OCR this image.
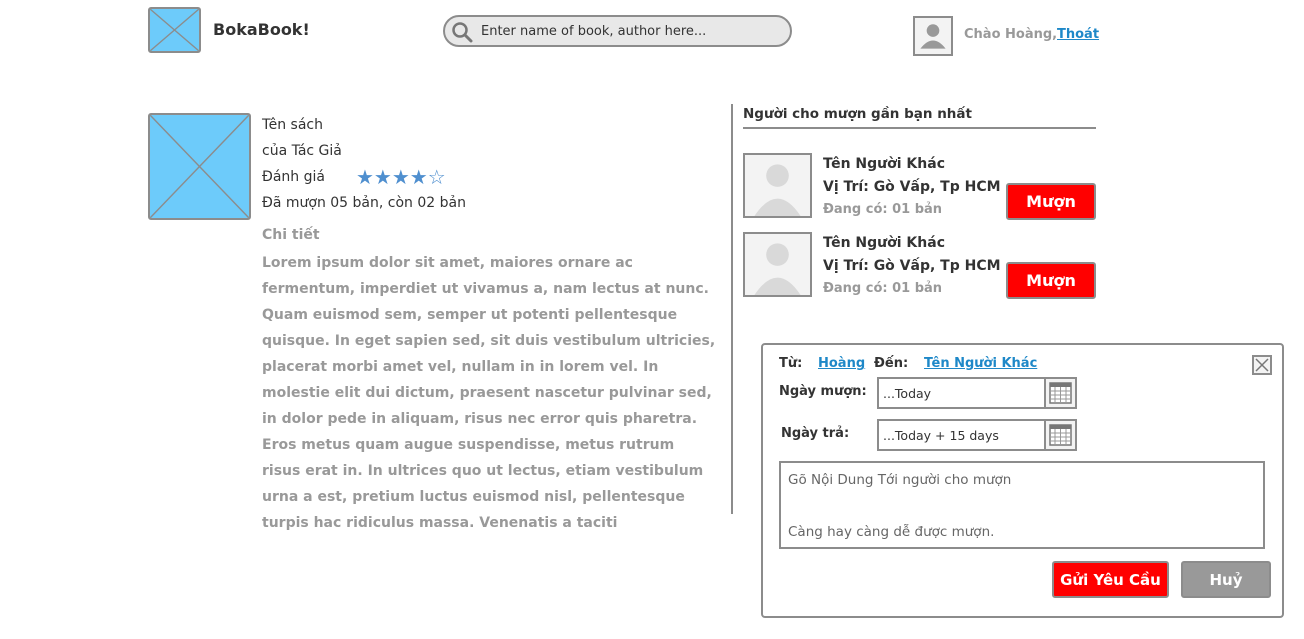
BokaBook!
Enter name of book, author here...	Chào Hoàng, Thoát
Tên sách
của Tác Giả
Đánh giá ★★★★☆
Đã mượn 05 bản, còn 02 bản
Chi tiết
Lorem ipsum dolor sit amet, maiores ornare ac fermentum, imperdiet ut vivamus a, nam lectus at nunc. Quam euismod sem, semper ut potenti pellentesque quisque. In eget sapien sed, sit duis vestibulum ultricies, placerat morbi amet vel, nullam in in lorem vel. In molestie elit dui dictum, praesent nascetur pulvinar sed, in dolor pede in aliquam, risus nec error quis pharetra. Eros metus quam augue suspendisse, metus rutrum risus erat in. In ultrices quo ut lectus, etiam vestibulum urna a est, pretium luctus euismod nisl, pellentesque turpis hac ridiculus massa. Venenatis a taciti
Người cho mượn gần bạn nhất
Tên Người Khác
Vị Trí: Gò Vấp, Tp HCM
Đang có: 01 bản	Mượn
Tên Người Khác
Vị Trí: Gò Vấp, Tp HCM
Đang có: 01 bản	Mượn
Từ: Hoàng Đến: Tên Người Khác
Ngày mượn:
...Today
Ngày trả:
...Today + 15 days
Gõ Nội Dung Tới người cho mượn
Càng hay càng dễ được mượn.
Gửi Yêu Cầu	Huỷ
